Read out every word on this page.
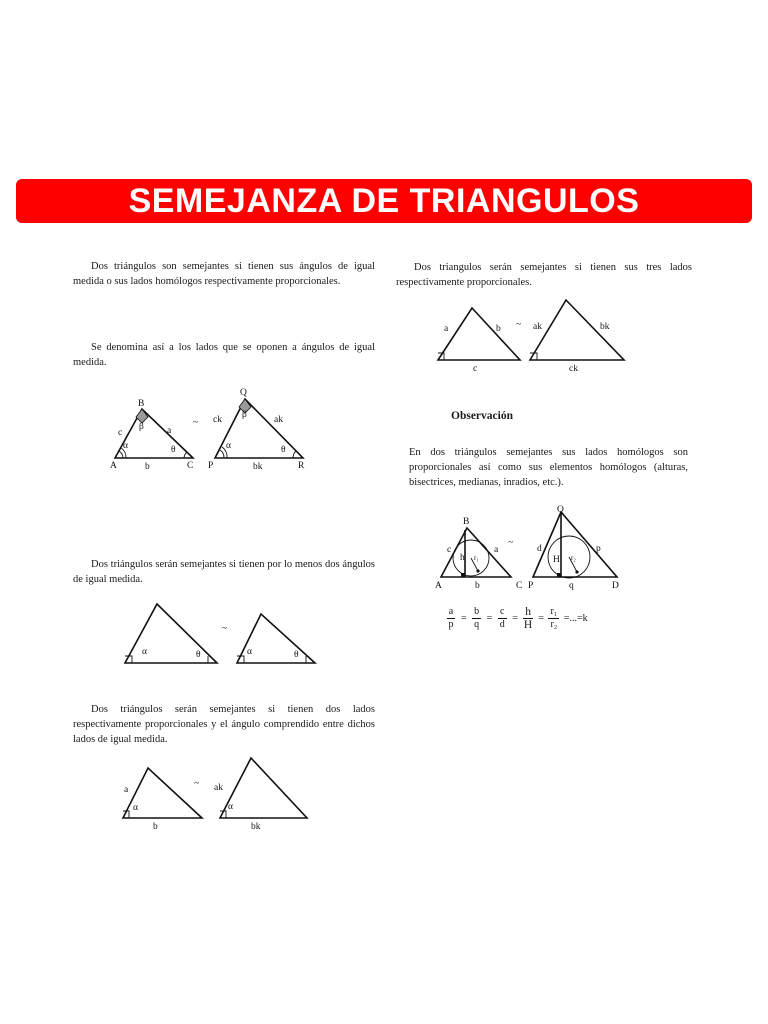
SEMEJANZA DE TRIANGULOS

Dos triángulos son semejantes si tienen sus ángulos de igual medida o sus lados homólogos respectivamente proporcionales.

Se denomina así a los lados que se oponen a ángulos de igual medida.

B
A	C
c	a
b
α
β
θ
~
Q
P	R
ck	ak
bk
α
β
θ

Dos triángulos serán semejantes si tienen por lo menos dos ángulos de igual medida.

α	θ
~
α	θ

Dos triángulos serán semejantes si tienen dos lados respectivamente proporcionales y el ángulo comprendido entre dichos lados de igual medida.

a
α
b
~ ak
α
bk

Dos triangulos serán semejantes si tienen sus tres lados respectivamente proporcionales.

a	b
c
~ ak	bk
ck

Observación

En dos triángulos semejantes sus lados homólogos son proporcionales así como sus elementos homólogos (alturas, bisectrices, medianas, inradios, etc.).

B
A	C
c	a
b
h r₁
~
Q
P	D
d	p
q
H r₂
$\frac{a}{p} = \frac{b}{q} = \frac{c}{d} = \frac{h}{H} = \frac{\text{r₁}}{\text{r₂}} =...=k$
